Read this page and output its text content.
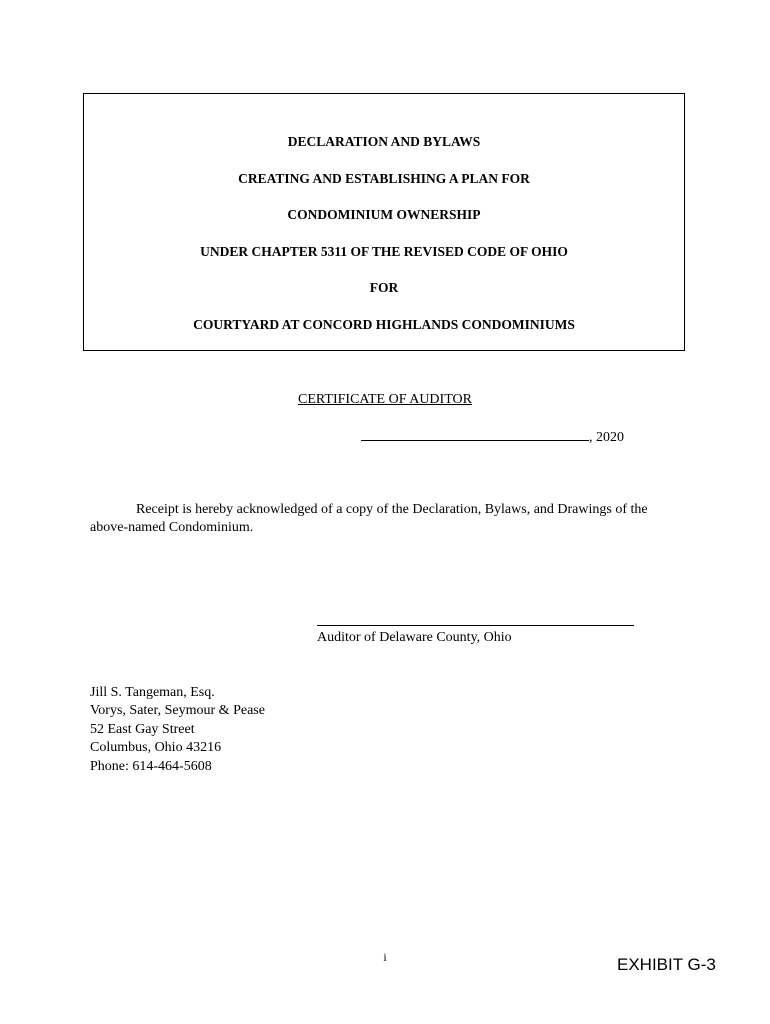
DECLARATION AND BYLAWS
CREATING AND ESTABLISHING A PLAN FOR
CONDOMINIUM OWNERSHIP
UNDER CHAPTER 5311 OF THE REVISED CODE OF OHIO
FOR
COURTYARD AT CONCORD HIGHLANDS CONDOMINIUMS
CERTIFICATE OF AUDITOR
, 2020
Receipt is hereby acknowledged of a copy of the Declaration, Bylaws, and Drawings of the above-named Condominium.
Auditor of Delaware County, Ohio
Jill S. Tangeman, Esq.
Vorys, Sater, Seymour & Pease
52 East Gay Street
Columbus, Ohio 43216
Phone: 614-464-5608
i	EXHIBIT G-3
